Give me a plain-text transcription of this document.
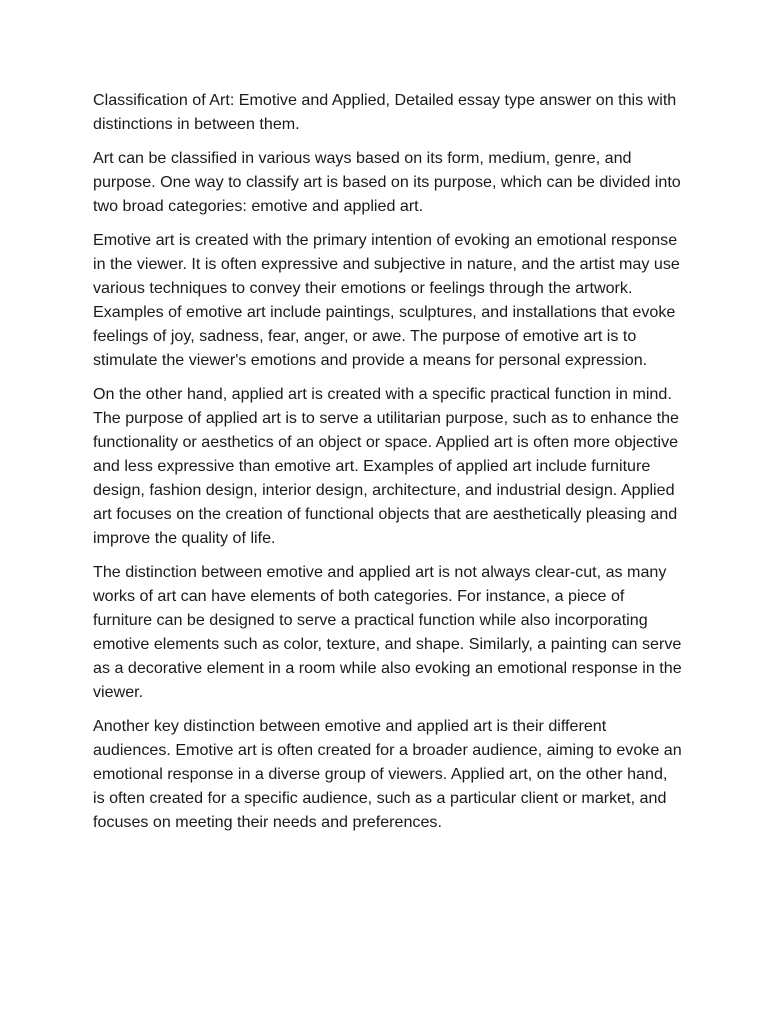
Classification of Art: Emotive and Applied, Detailed essay type answer on this with distinctions in between them.

Art can be classified in various ways based on its form, medium, genre, and purpose. One way to classify art is based on its purpose, which can be divided into two broad categories: emotive and applied art.

Emotive art is created with the primary intention of evoking an emotional response in the viewer. It is often expressive and subjective in nature, and the artist may use various techniques to convey their emotions or feelings through the artwork. Examples of emotive art include paintings, sculptures, and installations that evoke feelings of joy, sadness, fear, anger, or awe. The purpose of emotive art is to stimulate the viewer's emotions and provide a means for personal expression.

On the other hand, applied art is created with a specific practical function in mind. The purpose of applied art is to serve a utilitarian purpose, such as to enhance the functionality or aesthetics of an object or space. Applied art is often more objective and less expressive than emotive art. Examples of applied art include furniture design, fashion design, interior design, architecture, and industrial design. Applied art focuses on the creation of functional objects that are aesthetically pleasing and improve the quality of life.

The distinction between emotive and applied art is not always clear-cut, as many works of art can have elements of both categories. For instance, a piece of furniture can be designed to serve a practical function while also incorporating emotive elements such as color, texture, and shape. Similarly, a painting can serve as a decorative element in a room while also evoking an emotional response in the viewer.

Another key distinction between emotive and applied art is their different audiences. Emotive art is often created for a broader audience, aiming to evoke an emotional response in a diverse group of viewers. Applied art, on the other hand, is often created for a specific audience, such as a particular client or market, and focuses on meeting their needs and preferences.
